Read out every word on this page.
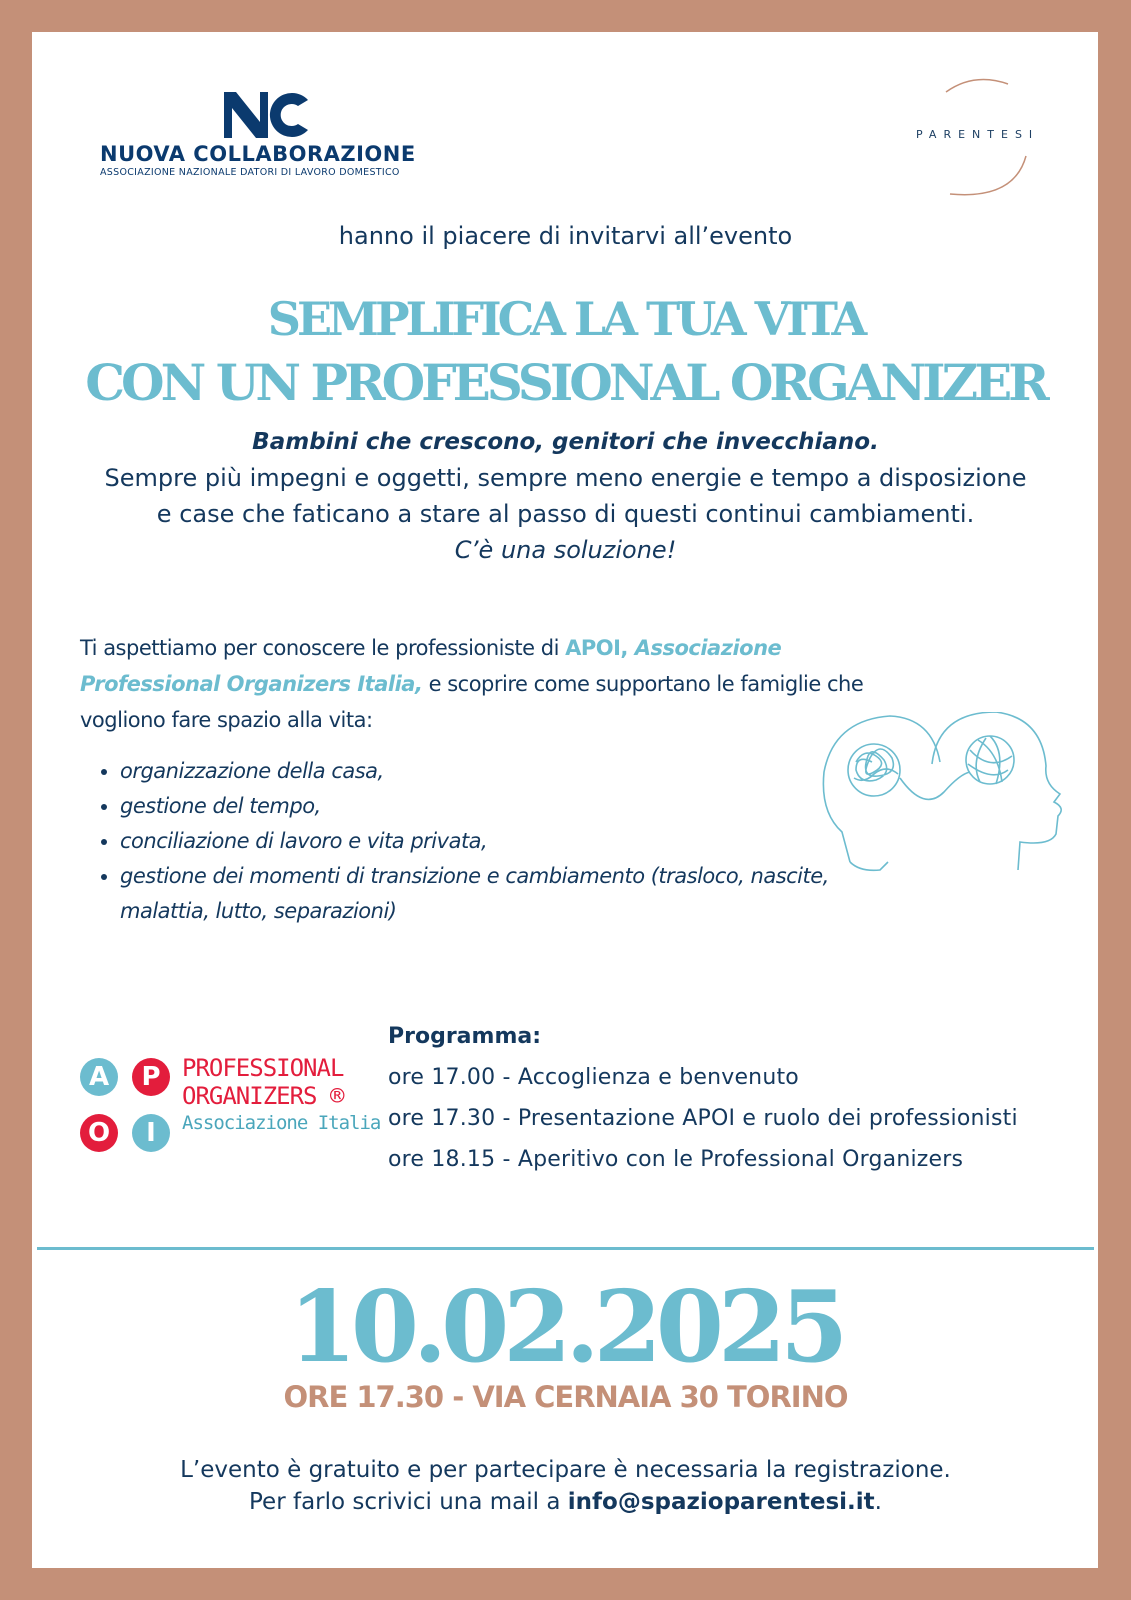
NUOVA COLLABORAZIONE
ASSOCIAZIONE NAZIONALE DATORI DI LAVORO DOMESTICO
PARENTESI
hanno il piacere di invitarvi all’evento
SEMPLIFICA LA TUA VITA
CON UN PROFESSIONAL ORGANIZER
Bambini che crescono, genitori che invecchiano.
Sempre più impegni e oggetti, sempre meno energie e tempo a disposizione
e case che faticano a stare al passo di questi continui cambiamenti.
C’è una soluzione!
Ti aspettiamo per conoscere le professioniste di APOI, Associazione Professional Organizers Italia, e scoprire come supportano le famiglie che vogliono fare spazio alla vita:
• organizzazione della casa,
• gestione del tempo,
• conciliazione di lavoro e vita privata,
• gestione dei momenti di transizione e cambiamento (trasloco, nascite, malattia, lutto, separazioni)
A	P
O	I
PROFESSIONAL
ORGANIZERS ®
Associazione Italia
Programma:
ore 17.00 - Accoglienza e benvenuto
ore 17.30 - Presentazione APOI e ruolo dei professionisti
ore 18.15 - Aperitivo con le Professional Organizers
10.02.2025
ORE 17.30 - VIA CERNAIA 30 TORINO
L’evento è gratuito e per partecipare è necessaria la registrazione.
Per farlo scrivici una mail a info@spazioparentesi.it.
